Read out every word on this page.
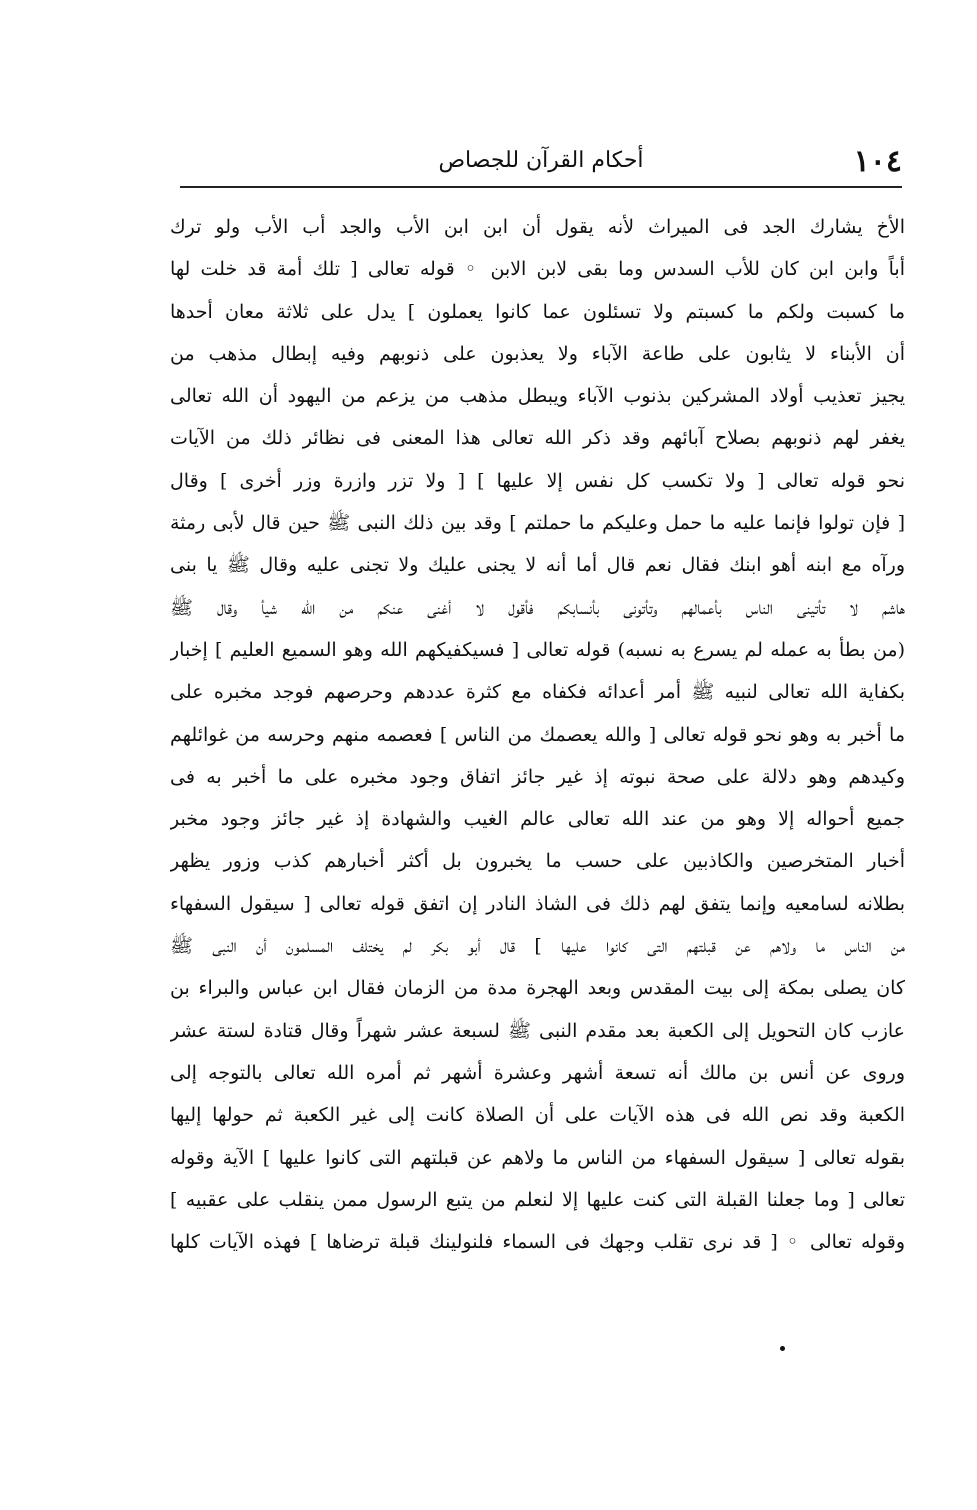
١٠٤
أحكام القرآن للجصاص
الأخ يشارك الجد فى الميراث لأنه يقول أن ابن ابن الأب والجد أب الأب ولو ترك
أباً وابن ابن كان للأب السدس وما بقى لابن الابن ◦ قوله تعالى [ تلك أمة قد خلت لها
ما كسبت ولكم ما كسبتم ولا تسئلون عما كانوا يعملون ] يدل على ثلاثة معان أحدها
أن الأبناء لا يثابون على طاعة الآباء ولا يعذبون على ذنوبهم وفيه إبطال مذهب من
يجيز تعذيب أولاد المشركين بذنوب الآباء ويبطل مذهب من يزعم من اليهود أن الله تعالى
يغفر لهم ذنوبهم بصلاح آبائهم وقد ذكر الله تعالى هذا المعنى فى نظائر ذلك من الآيات
نحو قوله تعالى [ ولا تكسب كل نفس إلا عليها ] [ ولا تزر وازرة وزر أخرى ] وقال
[ فإن تولوا فإنما عليه ما حمل وعليكم ما حملتم ] وقد بين ذلك النبى ﷺ حين قال لأبى رمثة
ورآه مع ابنه أهو ابنك فقال نعم قال أما أنه لا يجنى عليك ولا تجنى عليه وقال ﷺ يا بنى
هاشم لا تأتينى الناس بأعمالهم وتأتونى بأنسابكم فأقول لا أغنى عنكم من الله شيأ وقال ﷺ
(من بطأ به عمله لم يسرع به نسبه) قوله تعالى [ فسيكفيكهم الله وهو السميع العليم ] إخبار
بكفاية الله تعالى لنبيه ﷺ أمر أعدائه فكفاه مع كثرة عددهم وحرصهم فوجد مخبره على
ما أخبر به وهو نحو قوله تعالى [ والله يعصمك من الناس ] فعصمه منهم وحرسه من غوائلهم
وكيدهم وهو دلالة على صحة نبوته إذ غير جائز اتفاق وجود مخبره على ما أخبر به فى
جميع أحواله إلا وهو من عند الله تعالى عالم الغيب والشهادة إذ غير جائز وجود مخبر
أخبار المتخرصين والكاذبين على حسب ما يخبرون بل أكثر أخبارهم كذب وزور يظهر
بطلانه لسامعيه وإنما يتفق لهم ذلك فى الشاذ النادر إن اتفق قوله تعالى [ سيقول السفهاء
من الناس ما ولاهم عن قبلتهم التى كانوا عليها ] قال أبو بكر لم يختلف المسلمون أن النبى ﷺ
كان يصلى بمكة إلى بيت المقدس وبعد الهجرة مدة من الزمان فقال ابن عباس والبراء بن
عازب كان التحويل إلى الكعبة بعد مقدم النبى ﷺ لسبعة عشر شهراً وقال قتادة لستة عشر
وروى عن أنس بن مالك أنه تسعة أشهر وعشرة أشهر ثم أمره الله تعالى بالتوجه إلى
الكعبة وقد نص الله فى هذه الآيات على أن الصلاة كانت إلى غير الكعبة ثم حولها إليها
بقوله تعالى [ سيقول السفهاء من الناس ما ولاهم عن قبلتهم التى كانوا عليها ] الآية وقوله
تعالى [ وما جعلنا القبلة التى كنت عليها إلا لنعلم من يتبع الرسول ممن ينقلب على عقبيه ]
وقوله تعالى ◦ [ قد نرى تقلب وجهك فى السماء فلنولينك قبلة ترضاها ] فهذه الآيات كلها
